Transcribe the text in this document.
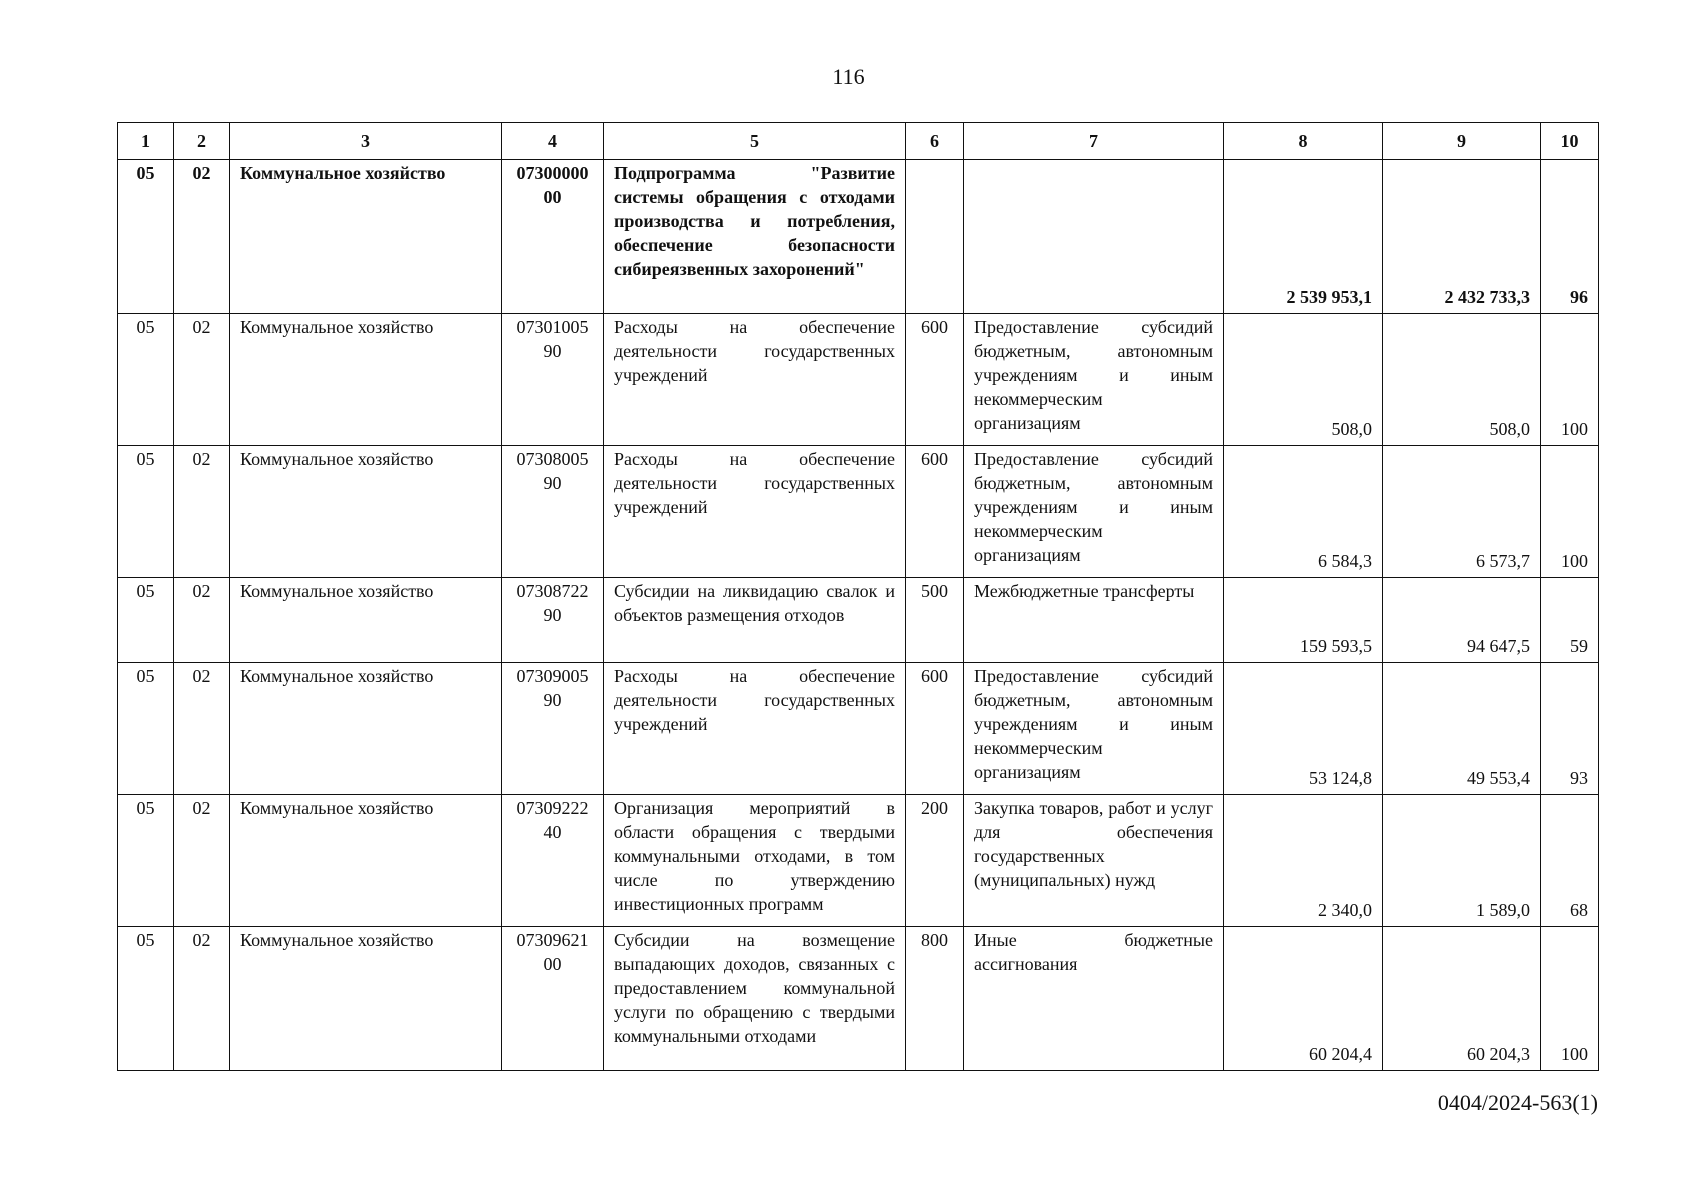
116
1	2	3	4	5	6	7	8	9	10
05	02	Коммунальное хозяйство	0730000000	Подпрограмма "Развитие системы обращения с отходами производства и потребления, обеспечение безопасности сибиреязвенных захоронений"			2 539 953,1	2 432 733,3	96
05	02	Коммунальное хозяйство	0730100590	Расходы на обеспечение деятельности государственных учреждений	600	Предоставление субсидий бюджетным, автономным учреждениям и иным некоммерческим организациям	508,0	508,0	100
05	02	Коммунальное хозяйство	0730800590	Расходы на обеспечение деятельности государственных учреждений	600	Предоставление субсидий бюджетным, автономным учреждениям и иным некоммерческим организациям	6 584,3	6 573,7	100
05	02	Коммунальное хозяйство	0730872290	Субсидии на ликвидацию свалок и объектов размещения отходов	500	Межбюджетные трансферты	159 593,5	94 647,5	59
05	02	Коммунальное хозяйство	0730900590	Расходы на обеспечение деятельности государственных учреждений	600	Предоставление субсидий бюджетным, автономным учреждениям и иным некоммерческим организациям	53 124,8	49 553,4	93
05	02	Коммунальное хозяйство	0730922240	Организация мероприятий в области обращения с твердыми коммунальными отходами, в том числе по утверждению инвестиционных программ	200	Закупка товаров, работ и услуг для обеспечения государственных (муниципальных) нужд	2 340,0	1 589,0	68
05	02	Коммунальное хозяйство	0730962100	Субсидии на возмещение выпадающих доходов, связанных с предоставлением коммунальной услуги по обращению с твердыми коммунальными отходами	800	Иные бюджетные ассигнования	60 204,4	60 204,3	100
0404/2024-563(1)
